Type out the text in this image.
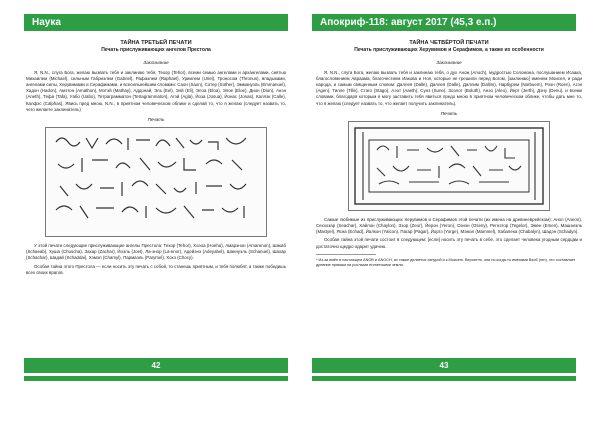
Наука
ТАЙНА ТРЕТЬЕЙ ПЕЧАТИ
Печать прислуживающих ангелов Престола
Заклинание

Я, N.N., слуга Бога, желаю вызвать тебя и заклинаю тебя, Техор (Tehor), всеми семью ангелами и архангелами, сиятью Михаилем (Michael), сильным Габриэлем (Gabriel), Рафаэлем (Raphael), Уриилем (Uriel), Троносом (Thronus), владыками, ангелами силы, Херувимами и Серафимами, и всесильнейшим словами: Саон (Saon), Сотер (Sother), Эммануэль (Emmanuel), Хадон (Hadon), Амэтон (Amathon), Мэтэй (Mathay), Аддонай, Эль (Eel), Элй (Eli), Элоа (Eloa), Элое (Eloe), Дион (Dion), Анэн (Aneth), Тефа (Tafa), Уабо (Uabo), Тетраграмматон (Tetragrammaton), Агэй (Agla), Йоза (Josua), Йонас (Jonas), Каллэк (Calle), Калфэс (Calphas), Явись пред мною, N.N., в приятном человеческом облике и сделай то, что я желаю (следует назвать то, чего желаете заклинатель)

Печать

У этой печати следующие прислуживающие ангелы Престола: Техор (Tehor), Хоэоа (Hoeha), Амарэнон (Amarenon), Шакаб (Schaeab), Хуша (Chuscha), Захар (Zachar), Йоэль (Joel), Ла-энор (La-enor), Адейэнэ (Adeyahel), Шаннуэль (Schanuel), Шахар (Schachar), Шадай (Schaddai), Хэмэл (Chamyl), Пармаэль (Parymel), Хохэ (Chocy).

Особая тайна этого Престола — если носить эту печать с собой, то станешь приятным, и тебя полюбят, а также победишь всех своих врагов.

42
Апокриф-118: август 2017 (45,3 е.п.)
ТАЙНА ЧЕТВЁРТОЙ ПЕЧАТИ
Печать прислуживающих Херувимов и Серафимов, а также их особенности
Заклинание

Я, N.N., слуга Бога, желаю вызвать тебя и заклинаю тебя, о дух Анож (Anoch), мудростью Соломона, послушанием Исаака, благословением Авраама, благочестием Иакова и Ноя, которые не грешили перед Богом, [заклинаю] именем Моисея, и ради народа, и самым священным словом: Даллея (Dalle), Даллея (Dalle), Даллим (Dallim), Нарбурем (Narbuem), Роэн (Roen), Агэн (Agen), Тилле (Tille), Стаго (Stago), Аэот (Aaeth), Сунэ (Sune), Зоэлот (Boluth), Анэо (Aleo), Йерт (Jerth), Дэну (Denu), и всеми словами, благодаря которым я могу заставить тебя явиться предо мною в приятном человеческом облике, чтобы дать мне то, что я желаю (следует назвать то, что желает получить заклинатель).

Печать

Самые любимые из прислуживающих Херувимов и Серафимов этой печати (их имена на древнееврейском): Анол (Aneon), Сеххозар (Seachar), Хайлон (Chaylon), Зэор (Zeor), Йерон (Yeron), Ознэн (Oseny), Регнэтор (Tegelor), Эмен (Emen), Машэиэль (Mastyel), Ясна (Echad), Йалкон (Yalcon), Пагар (Pagar), Йоргэ (Yorge), Мэмэл (Mammel), Хабалека (Chabalyn), Шадэн (Schadyn).

Особая тайна этой печати состоит в следующем: [если] носить эту печать в себе, это сделает человека угодным сердцам и достаточно щедро одарит удачею.

* Из-за имён в настоящем ANOB и ANOCH, их также делается ханурой и к Моисею. Вероятно, они по когда-то именами Вэоб (ген), что составляет древние прямым на рослыми египетскими земли.
43
